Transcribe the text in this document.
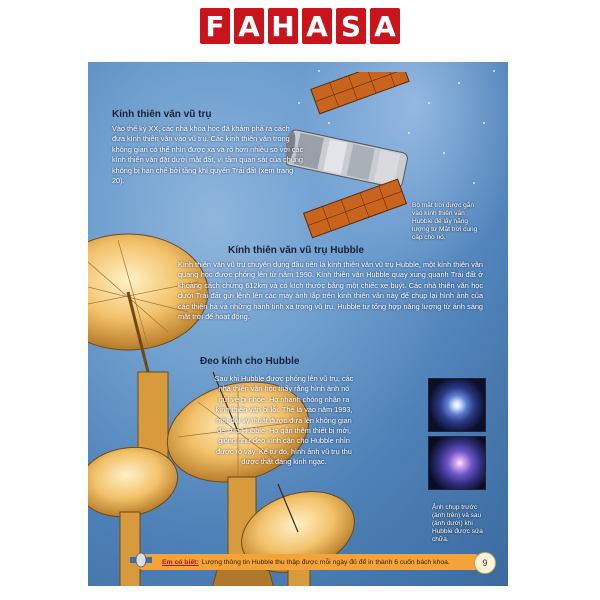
F A H A S A
Bộ mặt trời được gắn vào kính thiên văn Hubble để lấy năng lượng từ Mặt trời cung cấp cho nó.
Kính thiên văn vũ trụ

Vào thế kỷ XX, các nhà khoa học đã khám phá ra cách đưa kính thiên văn vào vũ trụ. Các kính thiên văn trong không gian có thể nhìn được xa và rõ hơn nhiều so với các kính thiên văn đặt dưới mặt đất, vì tầm quan sát của chúng không bị hạn chế bởi tầng khí quyển Trái đất (xem trang 20).

Kính thiên văn vũ trụ Hubble

Kính thiên văn vũ trụ chuyên dụng đầu tiên là kính thiên văn vũ trụ Hubble, một kính thiên văn quang học được phóng lên từ năm 1990. Kính thiên văn Hubble quay xung quanh Trái đất ở khoảng cách chừng 612km và có kích thước bằng một chiếc xe buýt. Các nhà thiên văn học dưới Trái đất gửi lệnh lên các máy ảnh lắp trên kính thiên văn này để chụp lại hình ảnh của các thiên hà và những hành tinh xa trong vũ trụ. Hubble tự tổng hợp năng lượng từ ánh sáng mặt trời để hoạt động.

Đeo kính cho Hubble

Sau khi Hubble được phóng lên vũ trụ, các nhà thiên văn học thấy rằng hình ảnh nó gửi về bị nhòe. Họ nhanh chóng nhận ra kính thiên văn bị lỗi. Thế là vào năm 1993, một đội kỹ thuật được đưa lên không gian để sửa Hubble. Họ gắn thêm thiết bị mới, giống như đeo kính cận cho Hubble nhìn được rõ vậy. Kể từ đó, hình ảnh vũ trụ thu được thật đáng kinh ngạc.

Ảnh chụp trước (ảnh trên) và sau (ảnh dưới) khi Hubble được sửa chữa.
Em có biết: Lượng thông tin Hubble thu thập được mỗi ngày đủ để in thành 6 cuốn bách khoa.	9
